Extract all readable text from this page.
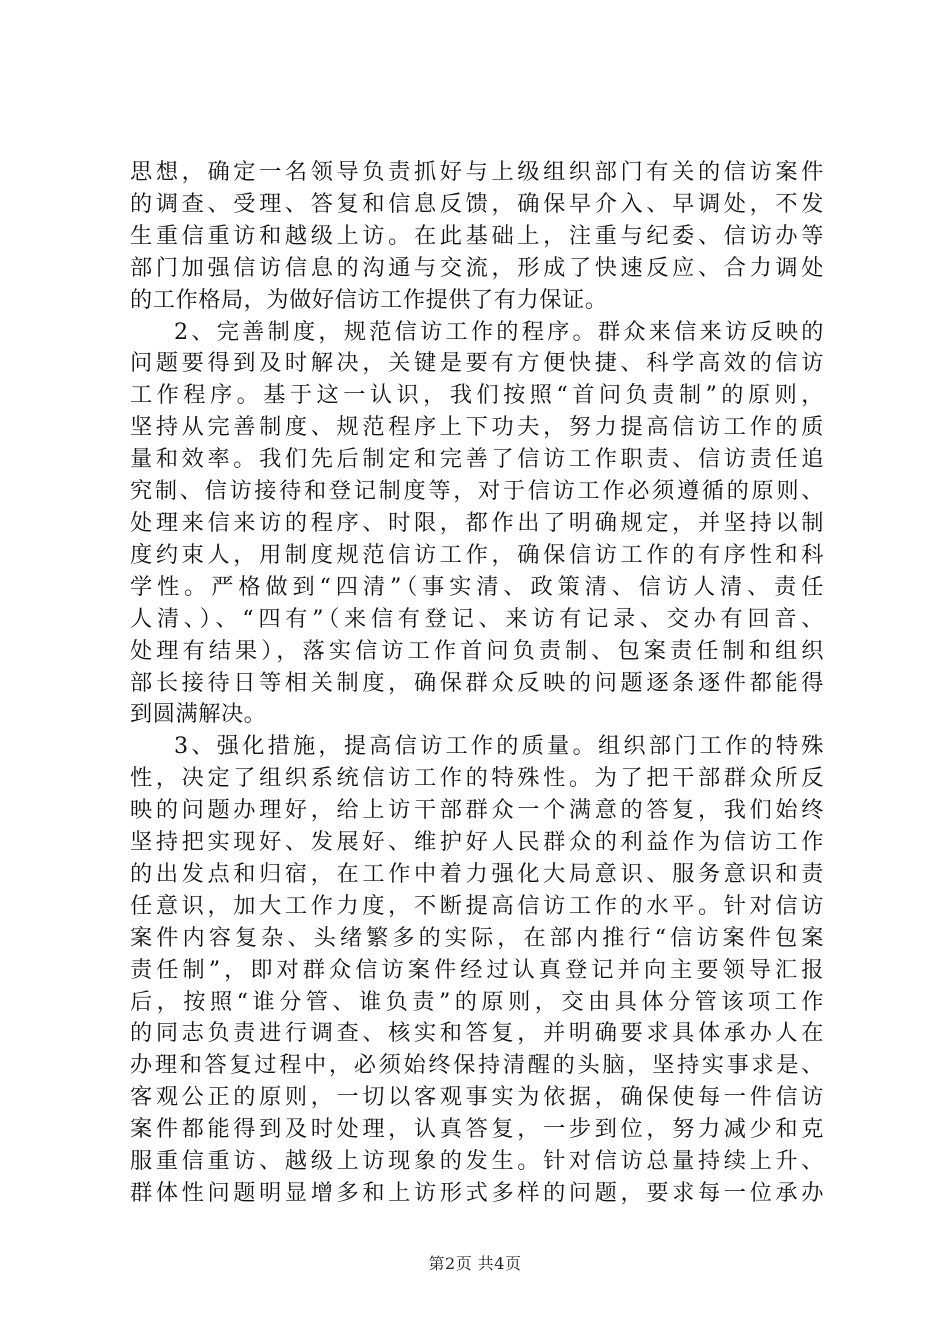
思想，确定一名领导负责抓好与上级组织部门有关的信访案件
的调查、受理、答复和信息反馈，确保早介入、早调处，不发
生重信重访和越级上访。在此基础上，注重与纪委、信访办等
部门加强信访信息的沟通与交流，形成了快速反应、合力调处
的工作格局，为做好信访工作提供了有力保证。
2、完善制度，规范信访工作的程序。群众来信来访反映的
问题要得到及时解决，关键是要有方便快捷、科学高效的信访
工作程序。基于这一认识，我们按照“首问负责制”的原则，
坚持从完善制度、规范程序上下功夫，努力提高信访工作的质
量和效率。我们先后制定和完善了信访工作职责、信访责任追
究制、信访接待和登记制度等，对于信访工作必须遵循的原则、
处理来信来访的程序、时限，都作出了明确规定，并坚持以制
度约束人，用制度规范信访工作，确保信访工作的有序性和科
学性。严格做到“四清”（事实清、政策清、信访人清、责任
人清、）、“四有”（来信有登记、来访有记录、交办有回音、
处理有结果），落实信访工作首问负责制、包案责任制和组织
部长接待日等相关制度，确保群众反映的问题逐条逐件都能得
到圆满解决。
3、强化措施，提高信访工作的质量。组织部门工作的特殊
性，决定了组织系统信访工作的特殊性。为了把干部群众所反
映的问题办理好，给上访干部群众一个满意的答复，我们始终
坚持把实现好、发展好、维护好人民群众的利益作为信访工作
的出发点和归宿，在工作中着力强化大局意识、服务意识和责
任意识，加大工作力度，不断提高信访工作的水平。针对信访
案件内容复杂、头绪繁多的实际，在部内推行“信访案件包案
责任制”，即对群众信访案件经过认真登记并向主要领导汇报
后，按照“谁分管、谁负责”的原则，交由具体分管该项工作
的同志负责进行调查、核实和答复，并明确要求具体承办人在
办理和答复过程中，必须始终保持清醒的头脑，坚持实事求是、
客观公正的原则，一切以客观事实为依据，确保使每一件信访
案件都能得到及时处理，认真答复，一步到位，努力减少和克
服重信重访、越级上访现象的发生。针对信访总量持续上升、
群体性问题明显增多和上访形式多样的问题，要求每一位承办
第2页 共4页
